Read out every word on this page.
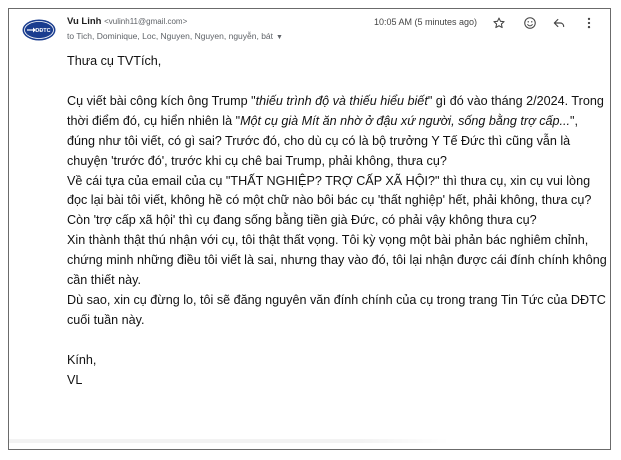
DĐTC
Vu Linh <vulinh11@gmail.com>
to Tich, Dominique, Loc, Nguyen, Nguyen, nguyễn, bát ▼
10:05 AM (5 minutes ago)

Thưa cụ TVTích,

Cụ viết bài công kích ông Trump "thiếu trình độ và thiếu hiểu biết" gì đó vào tháng 2/2024. Trong thời điểm đó, cụ hiển nhiên là "Một cụ già Mít ăn nhờ ở đậu xứ người, sống bằng trợ cấp...", đúng như tôi viết, có gì sai? Trước đó, cho dù cụ có là bộ trưởng Y Tế Đức thì cũng vẫn là chuyện 'trước đó', trước khi cụ chê bai Trump, phải không, thưa cụ?

Về cái tựa của email của cụ "THẤT NGHIỆP? TRỢ CẤP XÃ HỘI?" thì thưa cụ, xin cụ vui lòng đọc lại bài tôi viết, không hề có một chữ nào bôi bác cụ 'thất nghiệp' hết, phải không, thưa cụ? Còn 'trợ cấp xã hội' thì cụ đang sống bằng tiền già Đức, có phải vậy không thưa cụ?

Xin thành thật thú nhận với cụ, tôi thật thất vọng. Tôi kỳ vọng một bài phản bác nghiêm chỉnh, chứng minh những điều tôi viết là sai, nhưng thay vào đó, tôi lại nhận được cái đính chính không cần thiết này.

Dù sao, xin cụ đừng lo, tôi sẽ đăng nguyên văn đính chính của cụ trong trang Tin Tức của DĐTC cuối tuần này.

Kính,

VL
